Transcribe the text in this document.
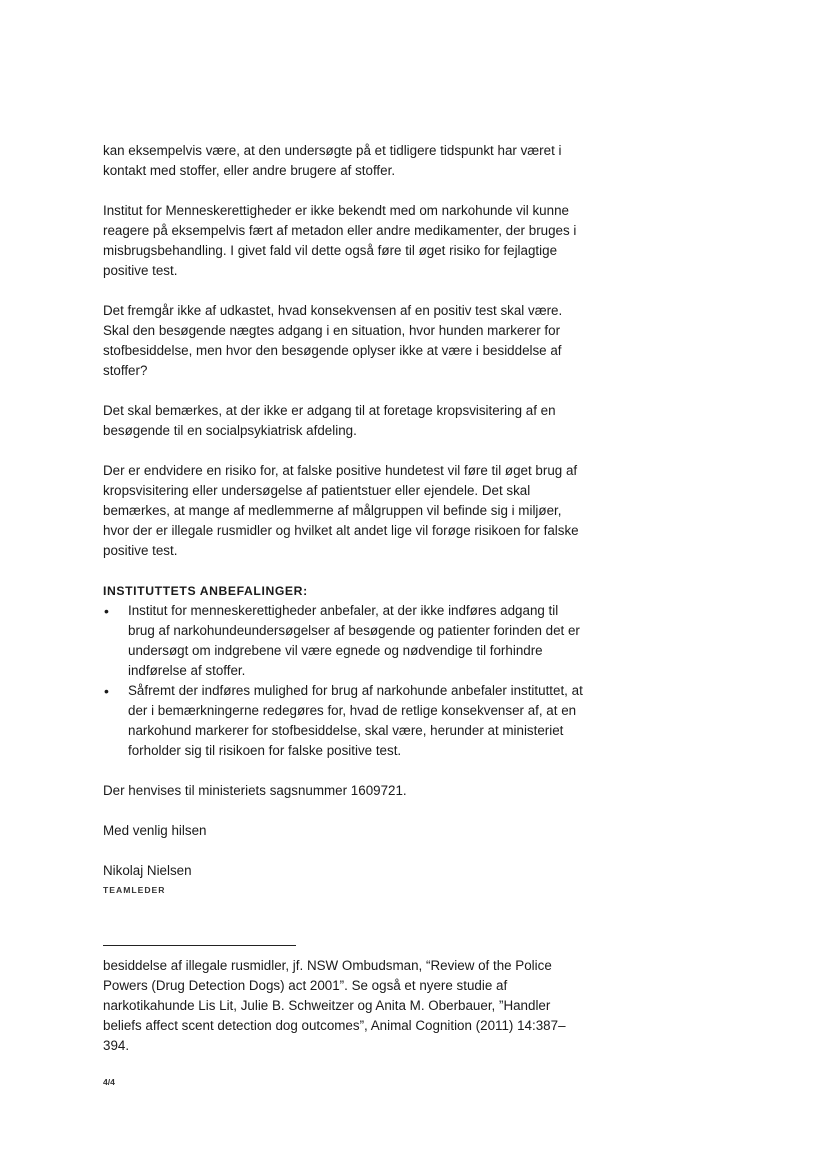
kan eksempelvis være, at den undersøgte på et tidligere tidspunkt har været i kontakt med stoffer, eller andre brugere af stoffer.

Institut for Menneskerettigheder er ikke bekendt med om narkohunde vil kunne reagere på eksempelvis fært af metadon eller andre medikamenter, der bruges i misbrugsbehandling. I givet fald vil dette også føre til øget risiko for fejlagtige positive test.

Det fremgår ikke af udkastet, hvad konsekvensen af en positiv test skal være. Skal den besøgende nægtes adgang i en situation, hvor hunden markerer for stofbesiddelse, men hvor den besøgende oplyser ikke at være i besiddelse af stoffer?

Det skal bemærkes, at der ikke er adgang til at foretage kropsvisitering af en besøgende til en socialpsykiatrisk afdeling.

Der er endvidere en risiko for, at falske positive hundetest vil føre til øget brug af kropsvisitering eller undersøgelse af patientstuer eller ejendele. Det skal bemærkes, at mange af medlemmerne af målgruppen vil befinde sig i miljøer, hvor der er illegale rusmidler og hvilket alt andet lige vil forøge risikoen for falske positive test.

INSTITUTTETS ANBEFALINGER:

• Institut for menneskerettigheder anbefaler, at der ikke indføres adgang til brug af narkohundeundersøgelser af besøgende og patienter forinden det er undersøgt om indgrebene vil være egnede og nødvendige til forhindre indførelse af stoffer.
• Såfremt der indføres mulighed for brug af narkohunde anbefaler instituttet, at der i bemærkningerne redegøres for, hvad de retlige konsekvenser af, at en narkohund markerer for stofbesiddelse, skal være, herunder at ministeriet forholder sig til risikoen for falske positive test.

Der henvises til ministeriets sagsnummer 1609721.

Med venlig hilsen

Nikolaj Nielsen

TEAMLEDER

besiddelse af illegale rusmidler, jf. NSW Ombudsman, “Review of the Police Powers (Drug Detection Dogs) act 2001”. Se også et nyere studie af narkotikahunde Lis Lit, Julie B. Schweitzer og Anita M. Oberbauer, ”Handler beliefs affect scent detection dog outcomes”, Animal Cognition (2011) 14:387–394.

4/4
